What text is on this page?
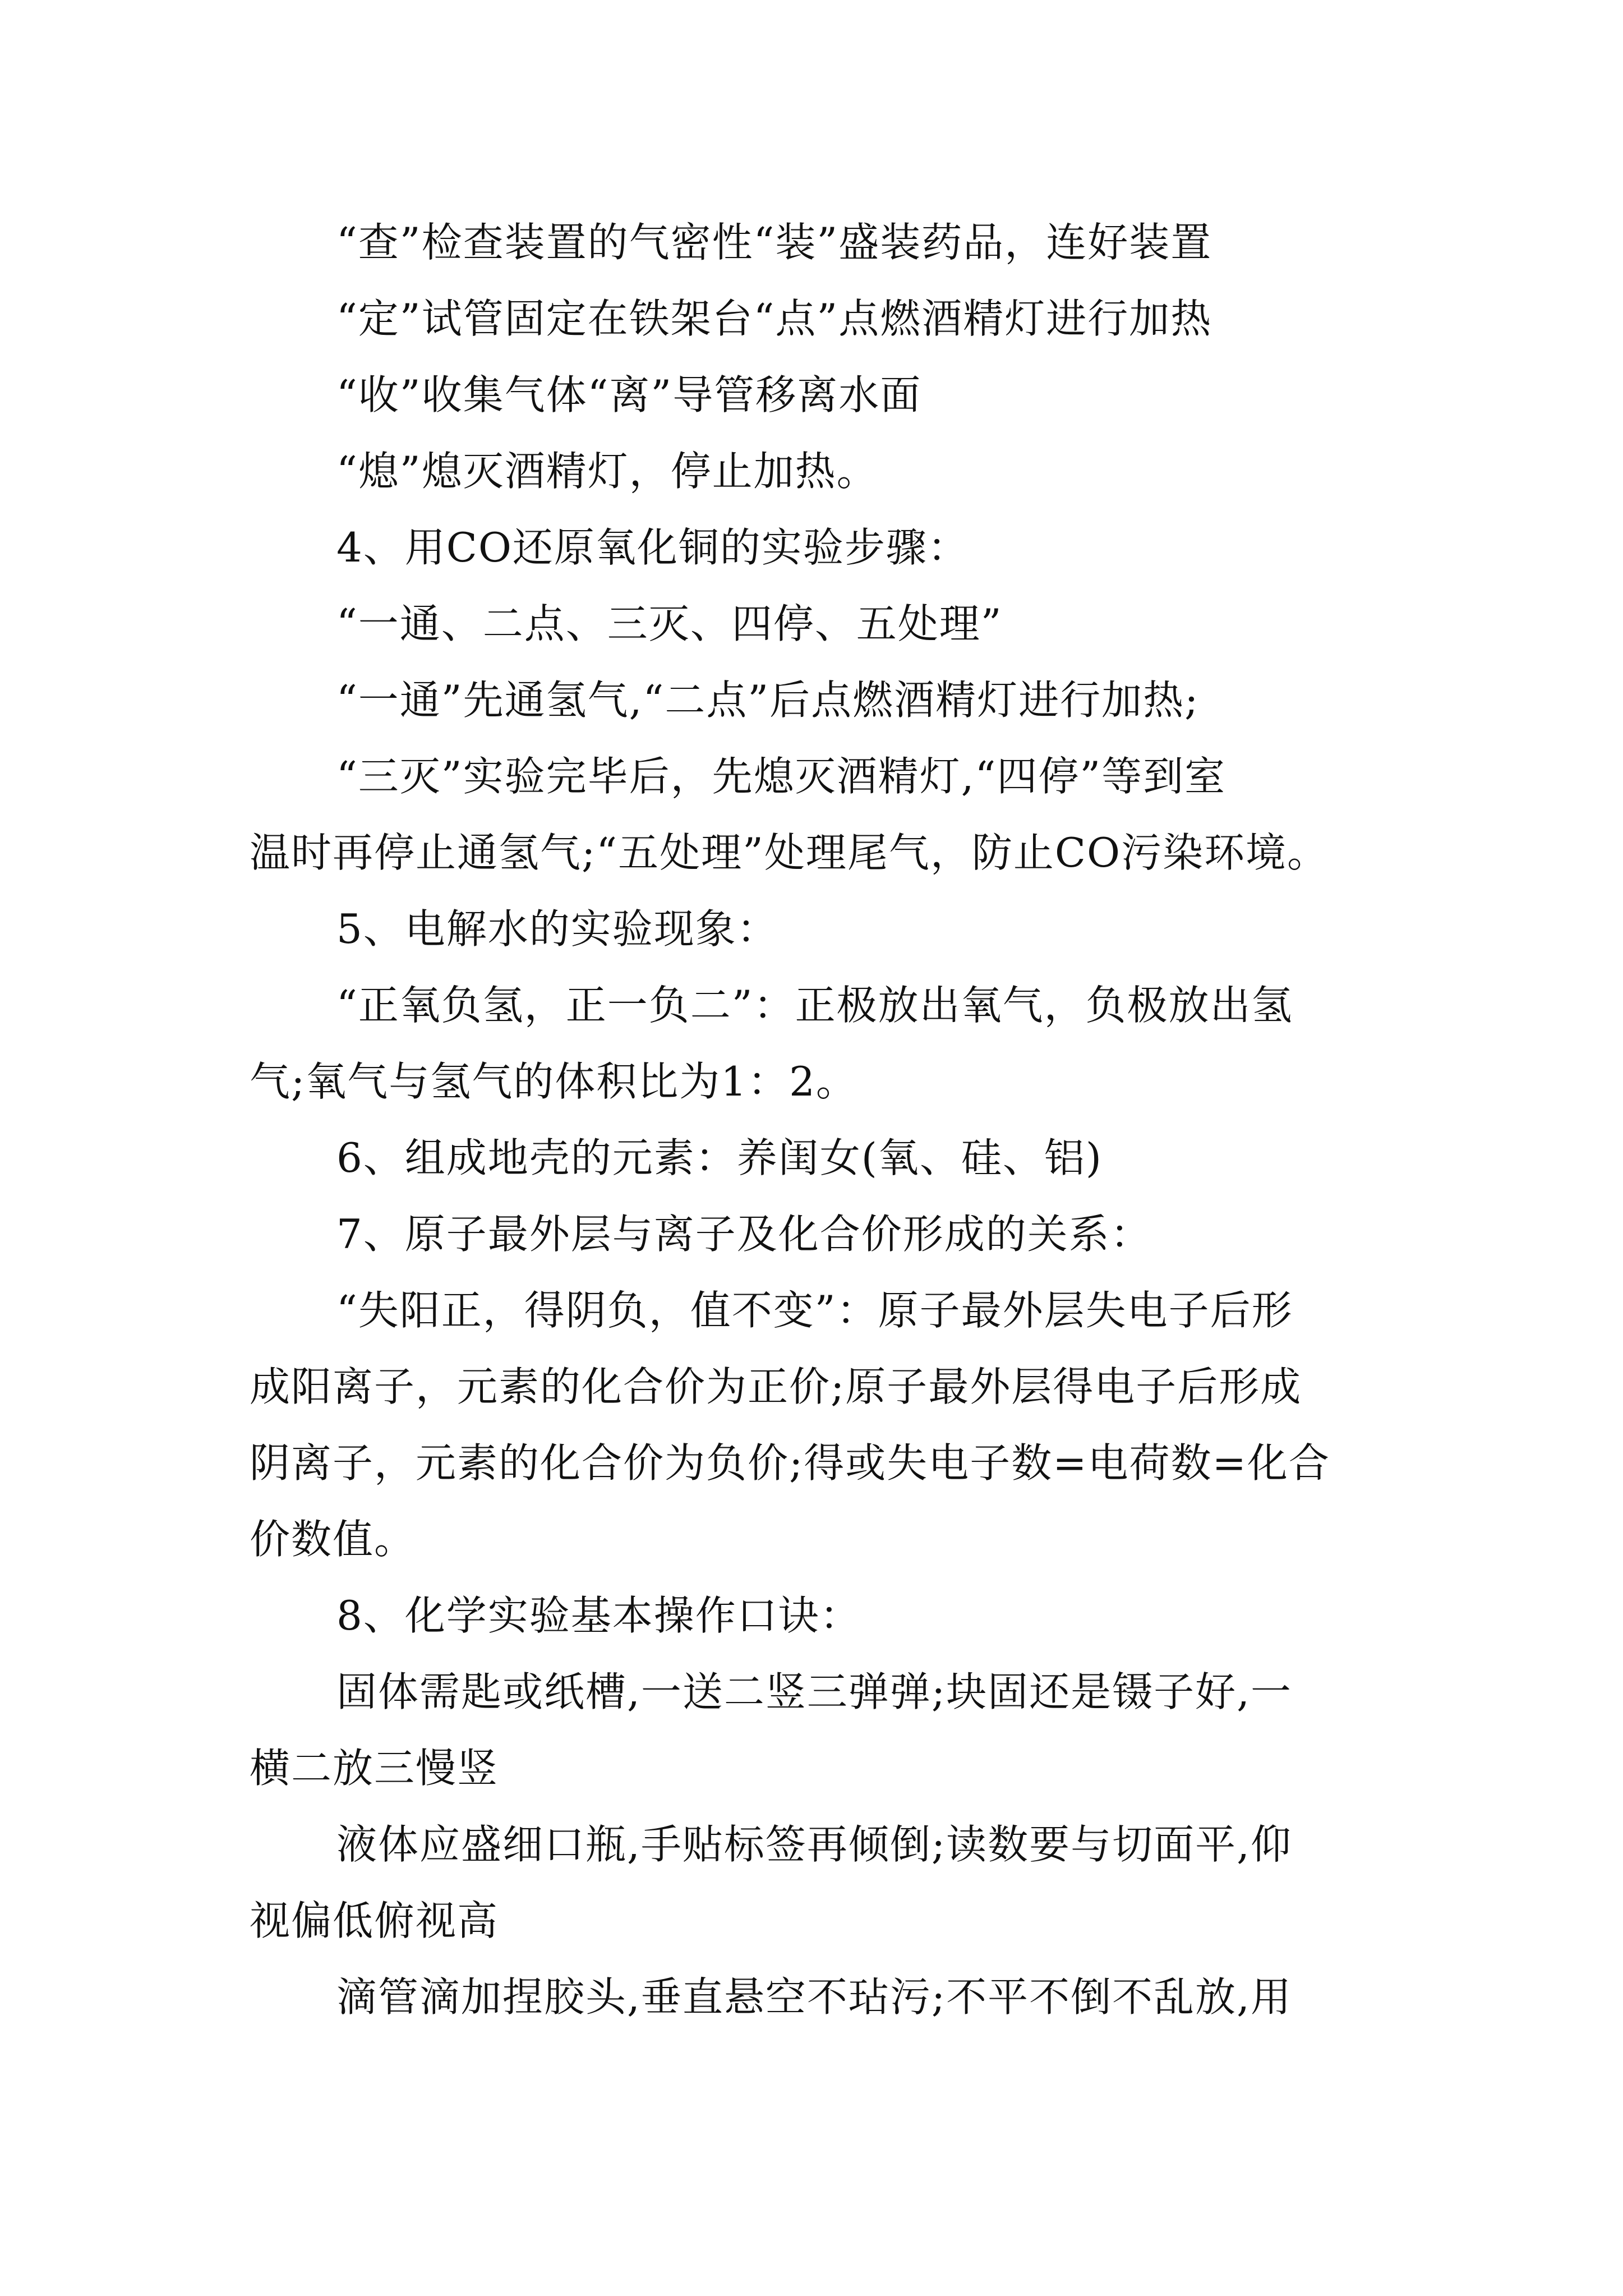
“查”检查装置的气密性“装”盛装药品，连好装置
“定”试管固定在铁架台“点”点燃酒精灯进行加热
“收”收集气体“离”导管移离水面
“熄”熄灭酒精灯，停止加热。
4、用CO还原氧化铜的实验步骤：
“一通、二点、三灭、四停、五处理”
“一通”先通氢气,“二点”后点燃酒精灯进行加热;
“三灭”实验完毕后，先熄灭酒精灯,“四停”等到室
温时再停止通氢气;“五处理”处理尾气，防止CO污染环境。
5、电解水的实验现象：
“正氧负氢，正一负二”：正极放出氧气，负极放出氢
气;氧气与氢气的体积比为1：2。
6、组成地壳的元素：养闺女(氧、硅、铝)
7、原子最外层与离子及化合价形成的关系：
“失阳正，得阴负，值不变”：原子最外层失电子后形
成阳离子，元素的化合价为正价;原子最外层得电子后形成
阴离子，元素的化合价为负价;得或失电子数=电荷数=化合
价数值。
8、化学实验基本操作口诀：
固体需匙或纸槽,一送二竖三弹弹;块固还是镊子好,一
横二放三慢竖
液体应盛细口瓶,手贴标签再倾倒;读数要与切面平,仰
视偏低俯视高
滴管滴加捏胶头,垂直悬空不玷污;不平不倒不乱放,用
